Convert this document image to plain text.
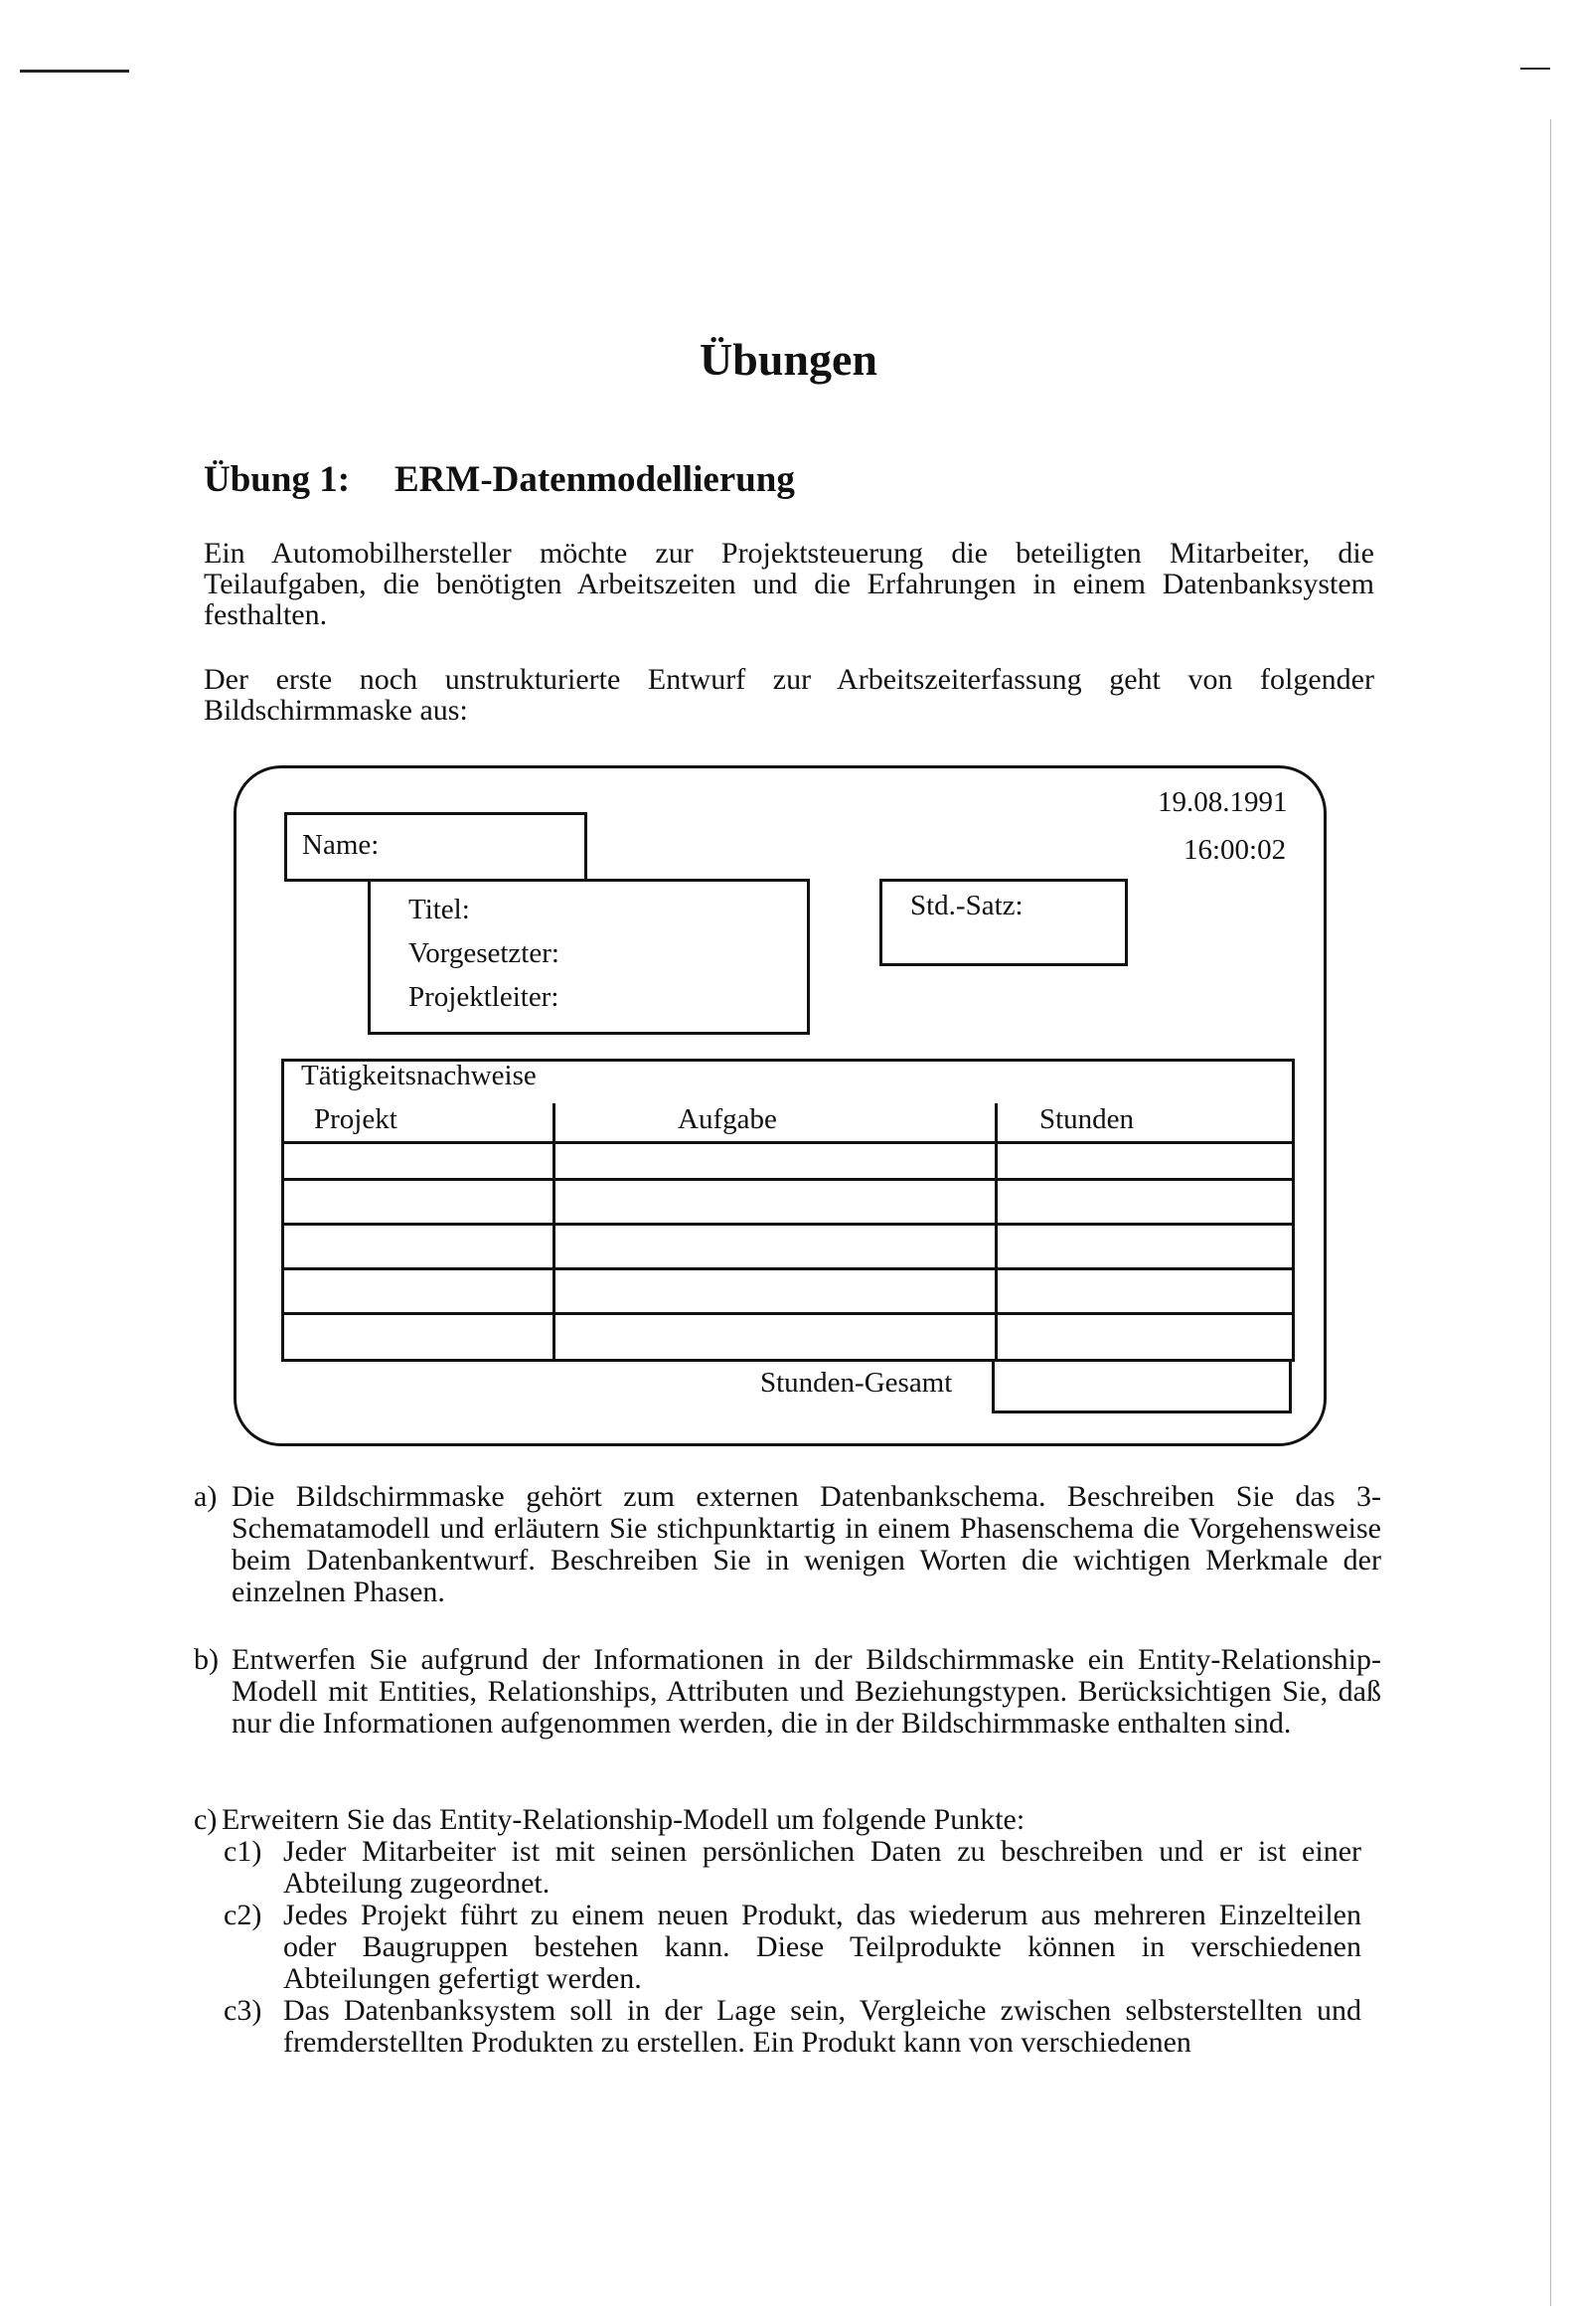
Übungen
Übung 1: ERM-Datenmodellierung
Ein Automobilhersteller möchte zur Projektsteuerung die beteiligten Mitarbeiter, die Teilaufgaben, die benötigten Arbeitszeiten und die Erfahrungen in einem Datenbanksystem festhalten.
Der erste noch unstrukturierte Entwurf zur Arbeitszeiterfassung geht von folgender Bildschirmmaske aus:
19.08.1991
16:00:02
Name:
Titel:
Vorgesetzter:
Projektleiter:
Std.-Satz:
Tätigkeitsnachweise
Projekt	Aufgabe	Stunden
Stunden-Gesamt
a) Die Bildschirmmaske gehört zum externen Datenbankschema. Beschreiben Sie das 3-Schematamodell und erläutern Sie stichpunktartig in einem Phasenschema die Vorgehensweise beim Datenbankentwurf. Beschreiben Sie in wenigen Worten die wichtigen Merkmale der einzelnen Phasen.
b) Entwerfen Sie aufgrund der Informationen in der Bildschirmmaske ein Entity-Relationship-Modell mit Entities, Relationships, Attributen und Beziehungstypen. Berücksichtigen Sie, daß nur die Informationen aufgenommen werden, die in der Bildschirmmaske enthalten sind.
c) Erweitern Sie das Entity-Relationship-Modell um folgende Punkte:
c1) Jeder Mitarbeiter ist mit seinen persönlichen Daten zu beschreiben und er ist einer Abteilung zugeordnet.
c2) Jedes Projekt führt zu einem neuen Produkt, das wiederum aus mehreren Einzelteilen oder Baugruppen bestehen kann. Diese Teilprodukte können in verschiedenen Abteilungen gefertigt werden.
c3) Das Datenbanksystem soll in der Lage sein, Vergleiche zwischen selbsterstellten und fremderstellten Produkten zu erstellen. Ein Produkt kann von verschiedenen
